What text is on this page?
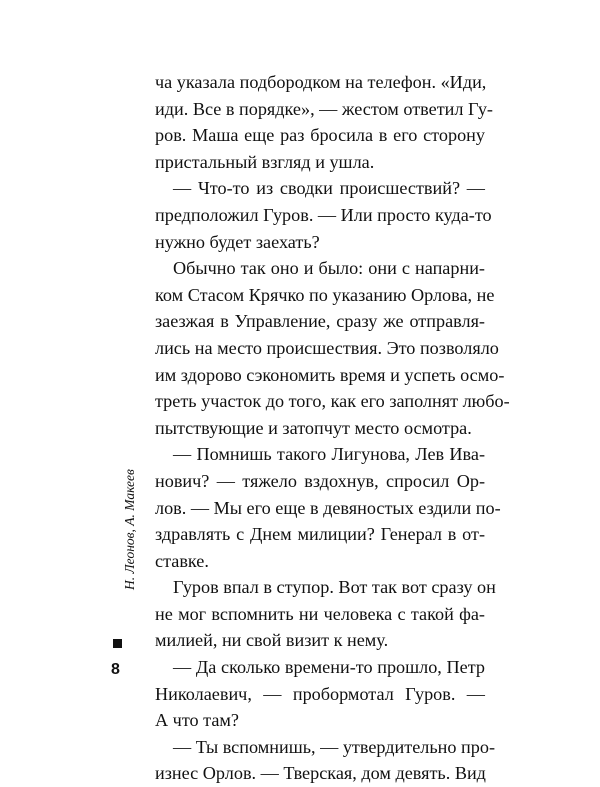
ча указала подбородком на телефон. «Иди,
иди. Все в порядке», — жестом ответил Гу-
ров. Маша еще раз бросила в его сторону
пристальный взгляд и ушла.
— Что-то из сводки происшествий? —
предположил Гуров. — Или просто куда-то
нужно будет заехать?
Обычно так оно и было: они с напарни-
ком Стасом Крячко по указанию Орлова, не
заезжая в Управление, сразу же отправля-
лись на место происшествия. Это позволяло
им здорово сэкономить время и успеть осмо-
треть участок до того, как его заполнят любо-
пытствующие и затопчут место осмотра.
— Помнишь такого Лигунова, Лев Ива-
нович? — тяжело вздохнув, спросил Ор-
лов. — Мы его еще в девяностых ездили по-
здравлять с Днем милиции? Генерал в от-
ставке.
Гуров впал в ступор. Вот так вот сразу он
не мог вспомнить ни человека с такой фа-
милией, ни свой визит к нему.
— Да сколько времени-то прошло, Петр
Николаевич, — пробормотал Гуров. —
А что там?
— Ты вспомнишь, — утвердительно про-
изнес Орлов. — Тверская, дом девять. Вид
Н. Леонов, А. Макеев
8
